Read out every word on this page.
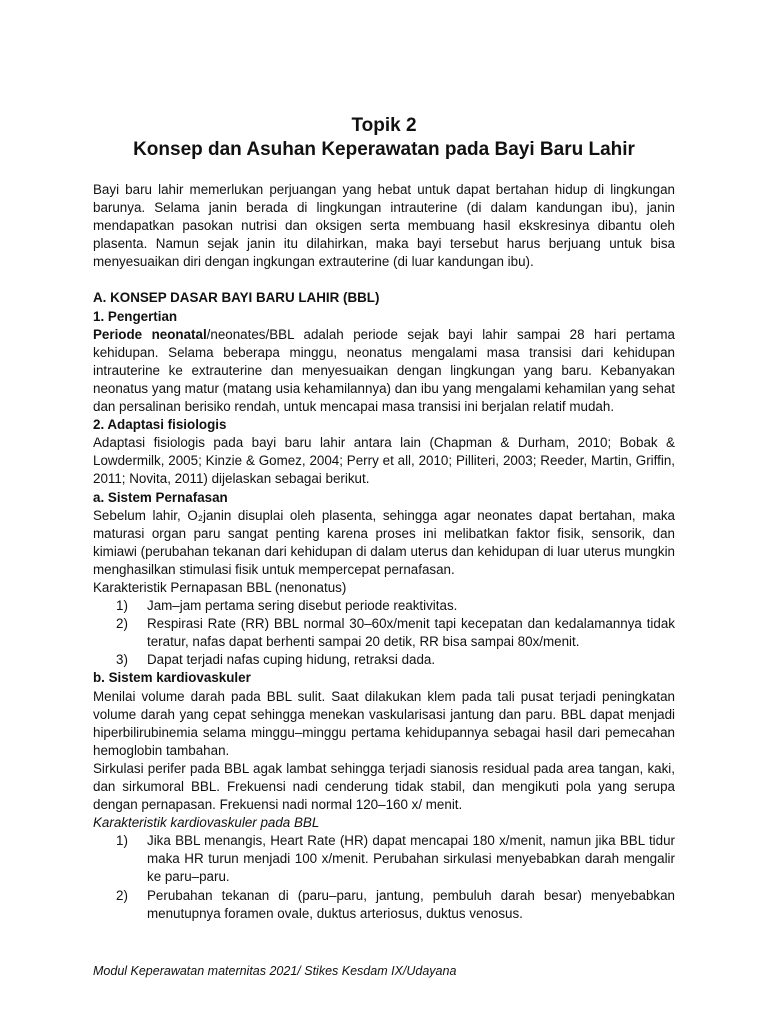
Topik 2
Konsep dan Asuhan Keperawatan pada Bayi Baru Lahir

Bayi baru lahir memerlukan perjuangan yang hebat untuk dapat bertahan hidup di lingkungan barunya. Selama janin berada di lingkungan intrauterine (di dalam kandungan ibu), janin mendapatkan pasokan nutrisi dan oksigen serta membuang hasil ekskresinya dibantu oleh plasenta. Namun sejak janin itu dilahirkan, maka bayi tersebut harus berjuang untuk bisa menyesuaikan diri dengan ingkungan extrauterine (di luar kandungan ibu).

A. KONSEP DASAR BAYI BARU LAHIR (BBL)

1. Pengertian

Periode neonatal/neonates/BBL adalah periode sejak bayi lahir sampai 28 hari pertama kehidupan. Selama beberapa minggu, neonatus mengalami masa transisi dari kehidupan intrauterine ke extrauterine dan menyesuaikan dengan lingkungan yang baru. Kebanyakan neonatus yang matur (matang usia kehamilannya) dan ibu yang mengalami kehamilan yang sehat dan persalinan berisiko rendah, untuk mencapai masa transisi ini berjalan relatif mudah.

2. Adaptasi fisiologis

Adaptasi fisiologis pada bayi baru lahir antara lain (Chapman & Durham, 2010; Bobak & Lowdermilk, 2005; Kinzie & Gomez, 2004; Perry et all, 2010; Pilliteri, 2003; Reeder, Martin, Griffin, 2011; Novita, 2011) dijelaskan sebagai berikut.

a. Sistem Pernafasan

Sebelum lahir, O₂janin disuplai oleh plasenta, sehingga agar neonates dapat bertahan, maka maturasi organ paru sangat penting karena proses ini melibatkan faktor fisik, sensorik, dan kimiawi (perubahan tekanan dari kehidupan di dalam uterus dan kehidupan di luar uterus mungkin menghasilkan stimulasi fisik untuk mempercepat pernafasan.

Karakteristik Pernapasan BBL (nenonatus)

1) Jam–jam pertama sering disebut periode reaktivitas.
2) Respirasi Rate (RR) BBL normal 30–60x/menit tapi kecepatan dan kedalamannya tidak teratur, nafas dapat berhenti sampai 20 detik, RR bisa sampai 80x/menit.
3) Dapat terjadi nafas cuping hidung, retraksi dada.

b. Sistem kardiovaskuler

Menilai volume darah pada BBL sulit. Saat dilakukan klem pada tali pusat terjadi peningkatan volume darah yang cepat sehingga menekan vaskularisasi jantung dan paru. BBL dapat menjadi hiperbilirubinemia selama minggu–minggu pertama kehidupannya sebagai hasil dari pemecahan hemoglobin tambahan.

Sirkulasi perifer pada BBL agak lambat sehingga terjadi sianosis residual pada area tangan, kaki, dan sirkumoral BBL. Frekuensi nadi cenderung tidak stabil, dan mengikuti pola yang serupa dengan pernapasan. Frekuensi nadi normal 120–160 x/ menit.

Karakteristik kardiovaskuler pada BBL

1) Jika BBL menangis, Heart Rate (HR) dapat mencapai 180 x/menit, namun jika BBL tidur maka HR turun menjadi 100 x/menit. Perubahan sirkulasi menyebabkan darah mengalir ke paru–paru.
2) Perubahan tekanan di (paru–paru, jantung, pembuluh darah besar) menyebabkan menutupnya foramen ovale, duktus arteriosus, duktus venosus.
Modul Keperawatan maternitas 2021/ Stikes Kesdam IX/Udayana
